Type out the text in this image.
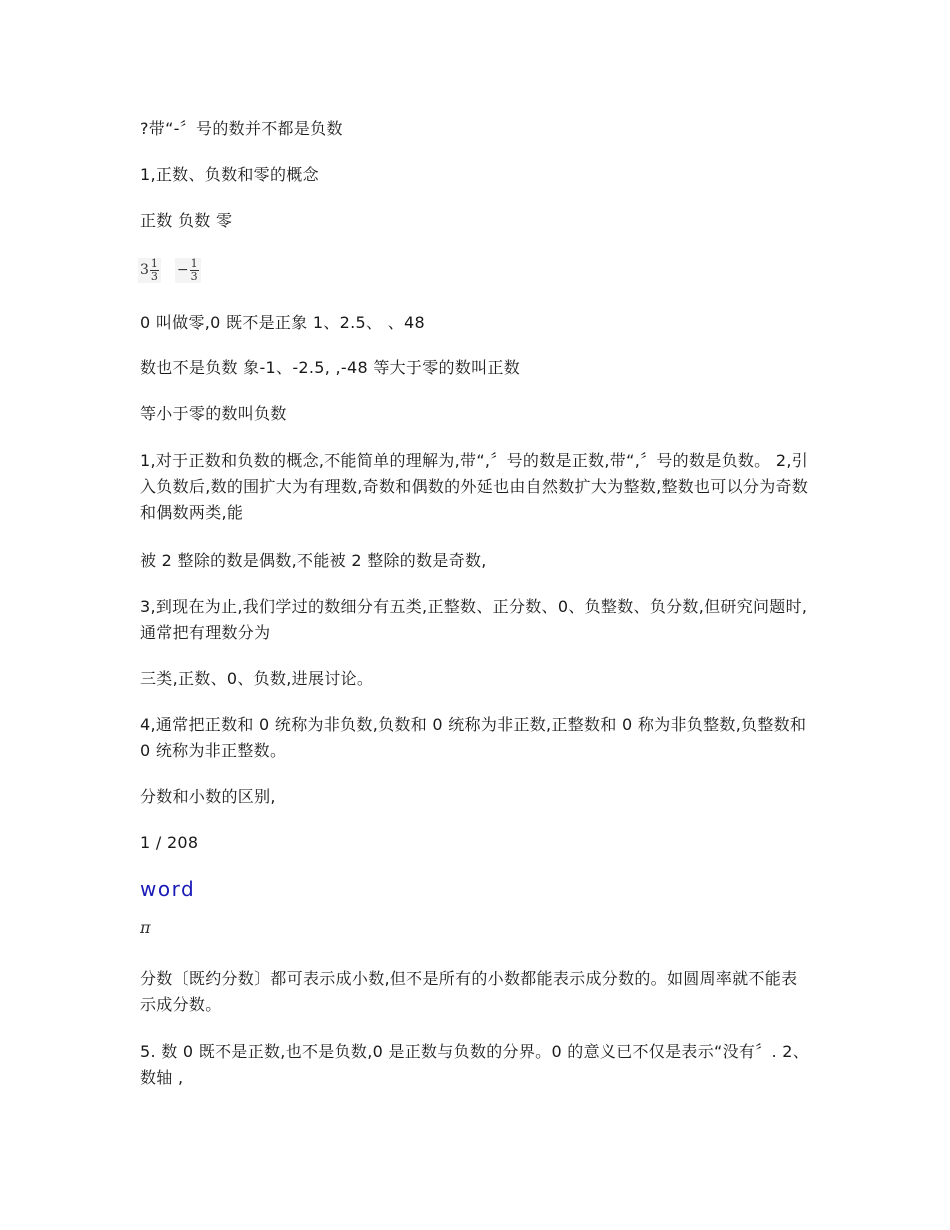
?带“-〞号的数并不都是负数

1,正数、负数和零的概念

正数 负数 零

$3 \frac{1}{3} - \frac{1}{3}$

0 叫做零,0 既不是正象 1、2.5、 、48

数也不是负数 象-1、-2.5, ,-48 等大于零的数叫正数

等小于零的数叫负数

1,对于正数和负数的概念,不能简单的理解为,带“,〞号的数是正数,带“,〞号的数是负数。 2,引入负数后,数的围扩大为有理数,奇数和偶数的外延也由自然数扩大为整数,整数也可以分为奇数和偶数两类,能

被 2 整除的数是偶数,不能被 2 整除的数是奇数,

3,到现在为止,我们学过的数细分有五类,正整数、正分数、0、负整数、负分数,但研究问题时,通常把有理数分为

三类,正数、0、负数,进展讨论。

4,通常把正数和 0 统称为非负数,负数和 0 统称为非正数,正整数和 0 称为非负整数,负整数和 0 统称为非正整数。

分数和小数的区别,

1 / 208

word

π

分数〔既约分数〕都可表示成小数,但不是所有的小数都能表示成分数的。如圆周率就不能表示成分数。

5. 数 0 既不是正数,也不是负数,0 是正数与负数的分界。0 的意义已不仅是表示“没有〞. 2、数轴 ,
